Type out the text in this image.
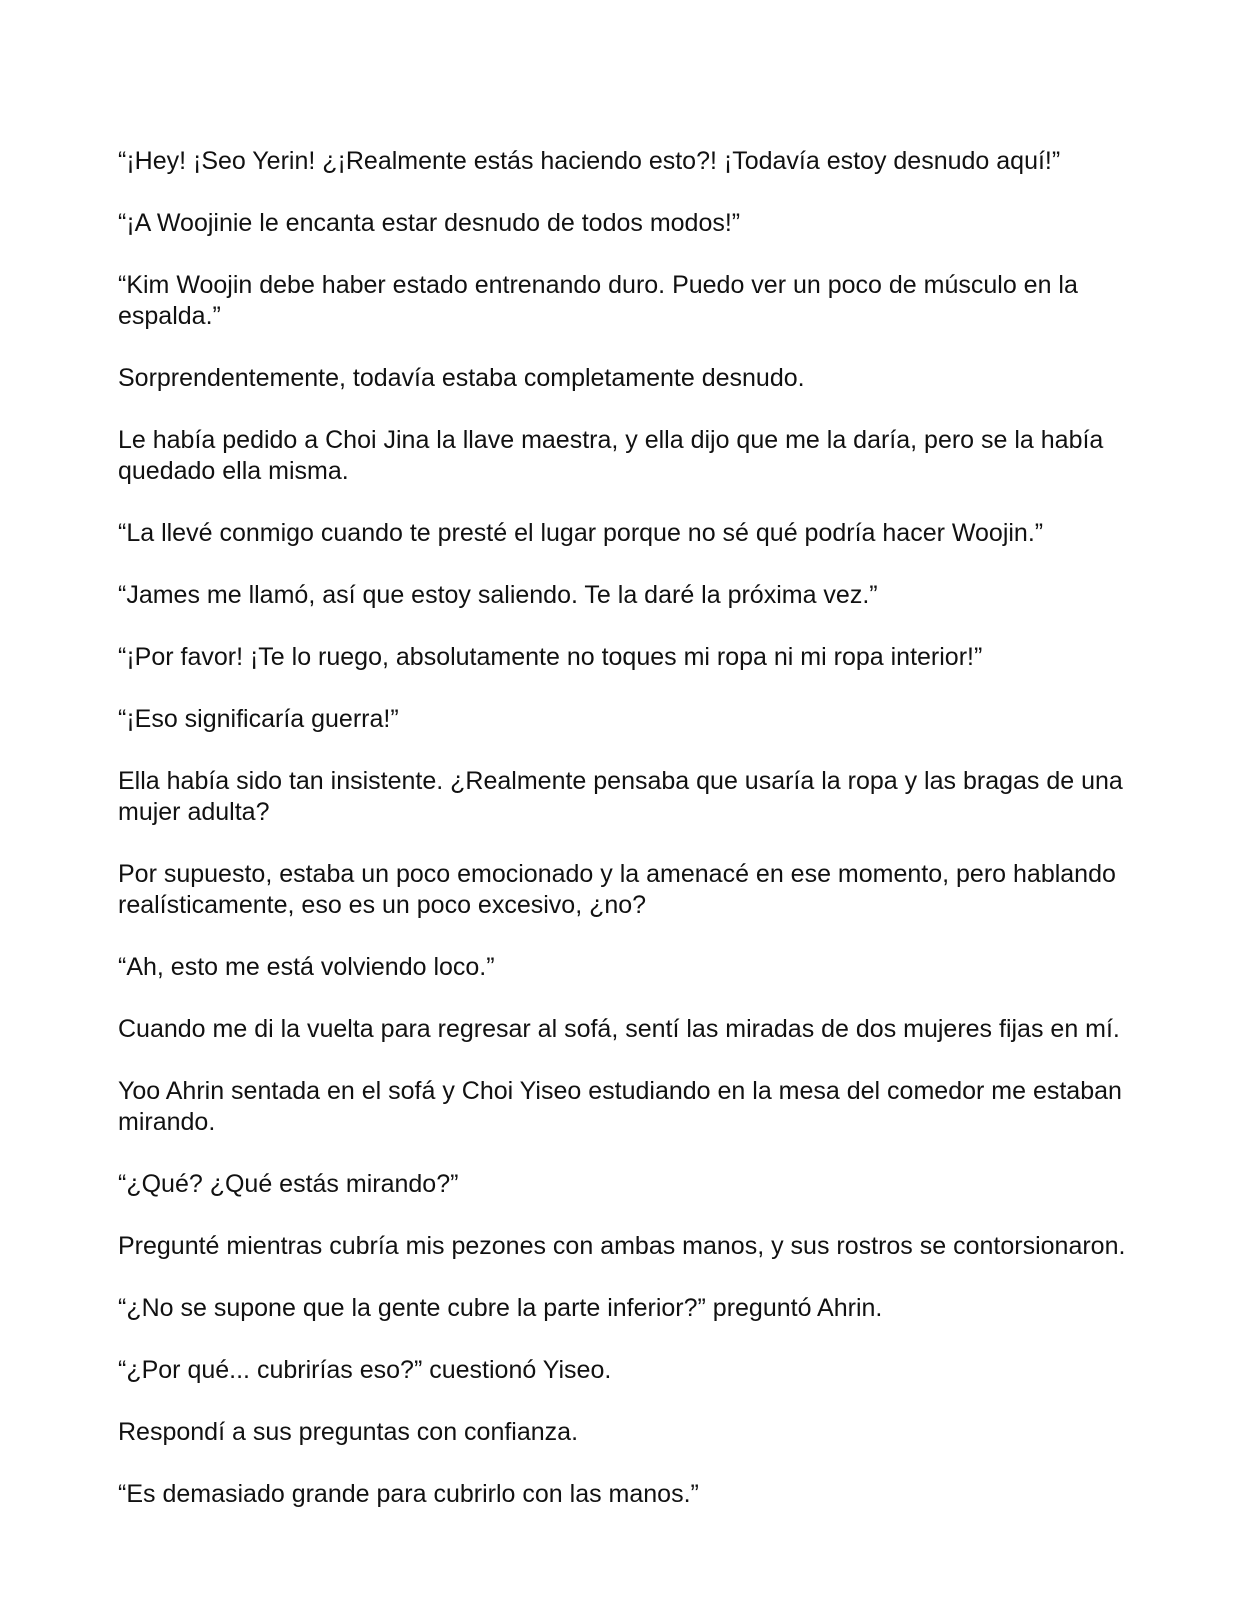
“¡Hey! ¡Seo Yerin! ¿¡Realmente estás haciendo esto?! ¡Todavía estoy desnudo aquí!”

“¡A Woojinie le encanta estar desnudo de todos modos!”

“Kim Woojin debe haber estado entrenando duro. Puedo ver un poco de músculo en la espalda.”

Sorprendentemente, todavía estaba completamente desnudo.

Le había pedido a Choi Jina la llave maestra, y ella dijo que me la daría, pero se la había quedado ella misma.

“La llevé conmigo cuando te presté el lugar porque no sé qué podría hacer Woojin.”

“James me llamó, así que estoy saliendo. Te la daré la próxima vez.”

“¡Por favor! ¡Te lo ruego, absolutamente no toques mi ropa ni mi ropa interior!”

“¡Eso significaría guerra!”

Ella había sido tan insistente. ¿Realmente pensaba que usaría la ropa y las bragas de una mujer adulta?

Por supuesto, estaba un poco emocionado y la amenacé en ese momento, pero hablando realísticamente, eso es un poco excesivo, ¿no?

“Ah, esto me está volviendo loco.”

Cuando me di la vuelta para regresar al sofá, sentí las miradas de dos mujeres fijas en mí.

Yoo Ahrin sentada en el sofá y Choi Yiseo estudiando en la mesa del comedor me estaban mirando.

“¿Qué? ¿Qué estás mirando?”

Pregunté mientras cubría mis pezones con ambas manos, y sus rostros se contorsionaron.

“¿No se supone que la gente cubre la parte inferior?” preguntó Ahrin.

“¿Por qué... cubrirías eso?” cuestionó Yiseo.

Respondí a sus preguntas con confianza.

“Es demasiado grande para cubrirlo con las manos.”
